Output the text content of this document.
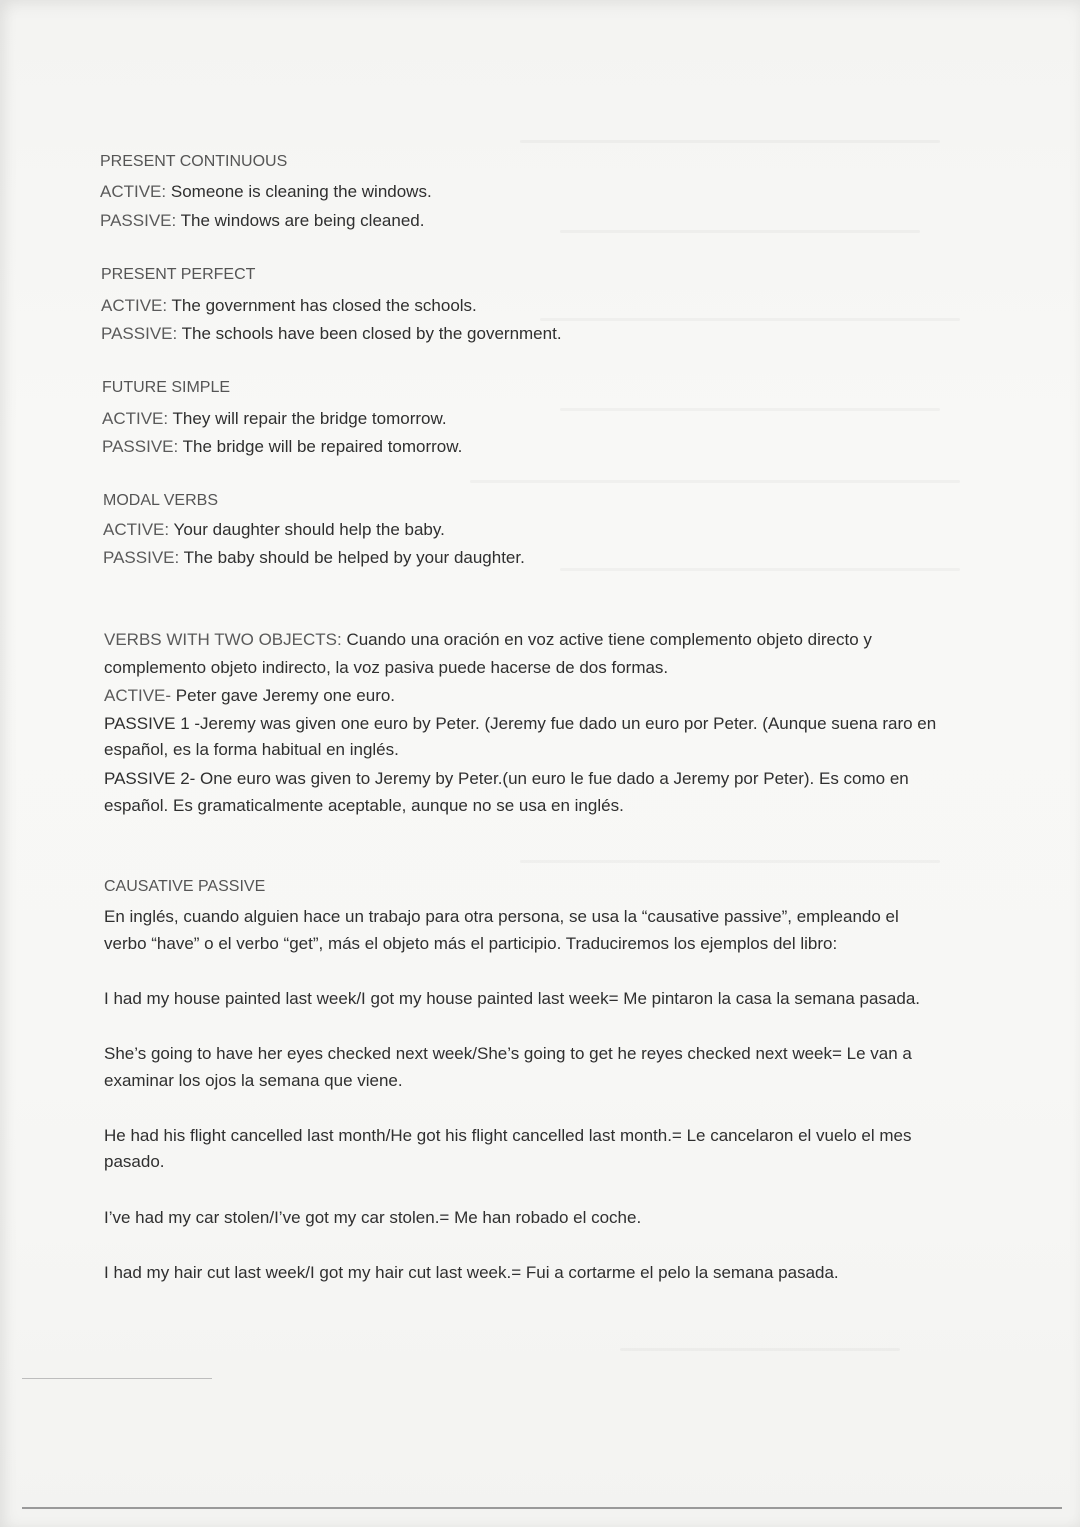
PRESENT CONTINUOUS
ACTIVE: Someone is cleaning the windows.
PASSIVE: The windows are being cleaned.
PRESENT PERFECT
ACTIVE: The government has closed the schools.
PASSIVE: The schools have been closed by the government.
FUTURE SIMPLE
ACTIVE: They will repair the bridge tomorrow.
PASSIVE: The bridge will be repaired tomorrow.
MODAL VERBS
ACTIVE: Your daughter should help the baby.
PASSIVE: The baby should be helped by your daughter.
VERBS WITH TWO OBJECTS: Cuando una oración en voz active tiene complemento objeto directo y
complemento objeto indirecto, la voz pasiva puede hacerse de dos formas.
ACTIVE- Peter gave Jeremy one euro.
PASSIVE 1 -Jeremy was given one euro by Peter. (Jeremy fue dado un euro por Peter. (Aunque suena raro en
español, es la forma habitual en inglés.
PASSIVE 2- One euro was given to Jeremy by Peter.(un euro le fue dado a Jeremy por Peter). Es como en
español. Es gramaticalmente aceptable, aunque no se usa en inglés.
CAUSATIVE PASSIVE
En inglés, cuando alguien hace un trabajo para otra persona, se usa la “causative passive”, empleando el
verbo “have” o el verbo “get”, más el objeto más el participio. Traduciremos los ejemplos del libro:
I had my house painted last week/I got my house painted last week= Me pintaron la casa la semana pasada.
She’s going to have her eyes checked next week/She’s going to get he reyes checked next week= Le van a
examinar los ojos la semana que viene.
He had his flight cancelled last month/He got his flight cancelled last month.= Le cancelaron el vuelo el mes
pasado.
I’ve had my car stolen/I’ve got my car stolen.= Me han robado el coche.
I had my hair cut last week/I got my hair cut last week.= Fui a cortarme el pelo la semana pasada.
